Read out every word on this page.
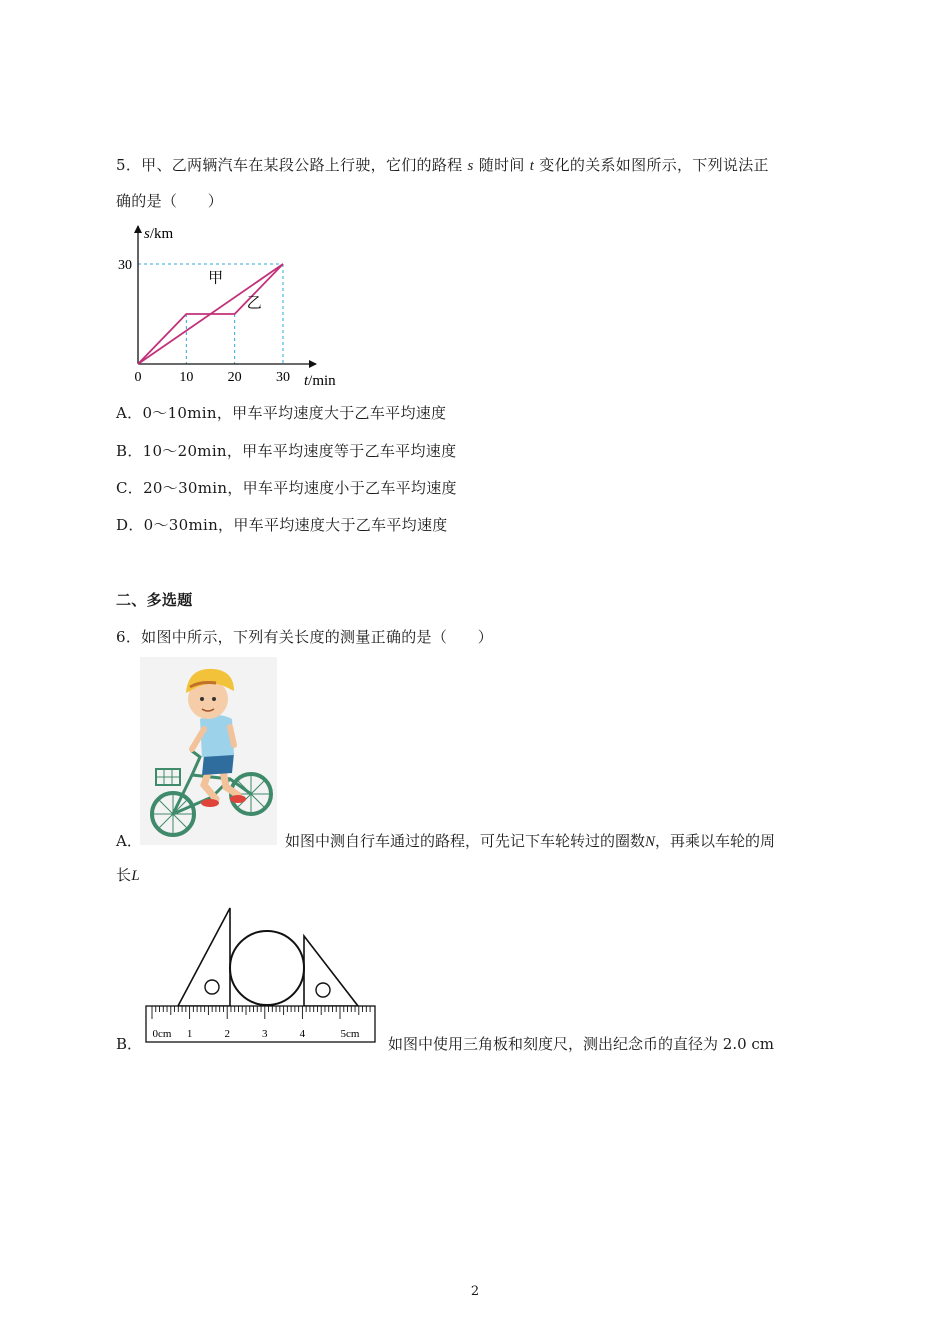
5．甲、乙两辆汽车在某段公路上行驶，它们的路程 s 随时间 t 变化的关系如图所示，下列说法正
确的是（　　）
甲
乙
0	10 20 30
30
s/km
t/min
A．0～10min，甲车平均速度大于乙车平均速度
B．10～20min，甲车平均速度等于乙车平均速度
C．20～30min，甲车平均速度小于乙车平均速度
D．0～30min，甲车平均速度大于乙车平均速度
二、多选题
6．如图中所示，下列有关长度的测量正确的是（　　）
A．	如图中测自行车通过的路程，可先记下车轮转过的圈数N，再乘以车轮的周
长L
0cm 1	2	3	4	5cm
B．	如图中使用三角板和刻度尺，测出纪念币的直径为 2.0 cm
2
